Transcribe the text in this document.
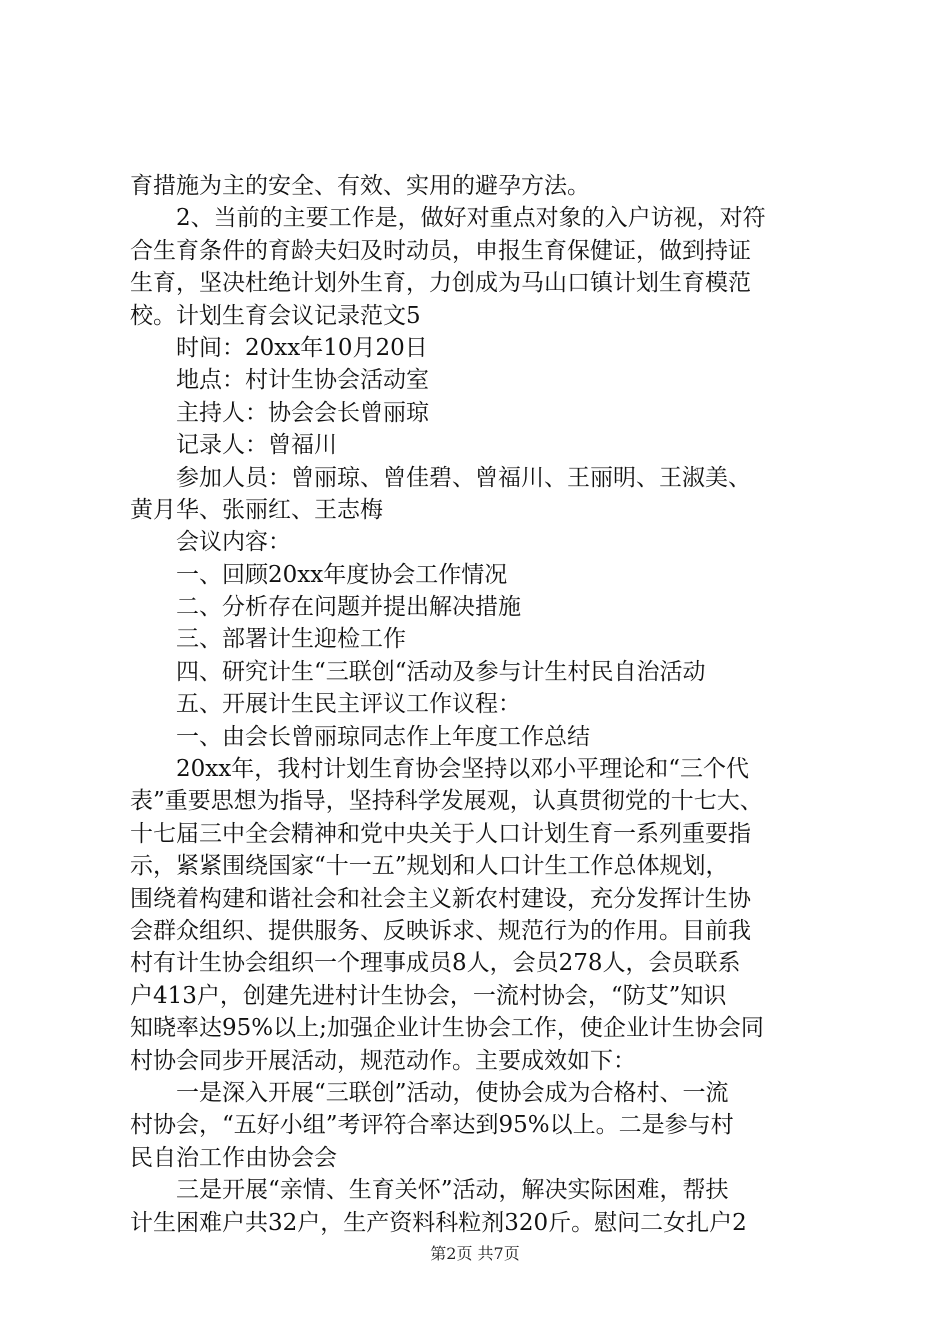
育措施为主的安全、有效、实用的避孕方法。
2、当前的主要工作是，做好对重点对象的入户访视，对符
合生育条件的育龄夫妇及时动员，申报生育保健证，做到持证
生育，坚决杜绝计划外生育，力创成为马山口镇计划生育模范
校。计划生育会议记录范文5
时间：20xx年10月20日
地点：村计生协会活动室
主持人：协会会长曾丽琼
记录人：曾福川
参加人员：曾丽琼、曾佳碧、曾福川、王丽明、王淑美、
黄月华、张丽红、王志梅
会议内容：
一、回顾20xx年度协会工作情况
二、分析存在问题并提出解决措施
三、部署计生迎检工作
四、研究计生“三联创“活动及参与计生村民自治活动
五、开展计生民主评议工作议程：
一、由会长曾丽琼同志作上年度工作总结
20xx年，我村计划生育协会坚持以邓小平理论和“三个代
表”重要思想为指导，坚持科学发展观，认真贯彻党的十七大、
十七届三中全会精神和党中央关于人口计划生育一系列重要指
示，紧紧围绕国家“十一五”规划和人口计生工作总体规划，
围绕着构建和谐社会和社会主义新农村建设，充分发挥计生协
会群众组织、提供服务、反映诉求、规范行为的作用。目前我
村有计生协会组织一个理事成员8人，会员278人，会员联系
户413户，创建先进村计生协会，一流村协会，“防艾”知识
知晓率达95%以上;加强企业计生协会工作，使企业计生协会同
村协会同步开展活动，规范动作。主要成效如下：
一是深入开展“三联创”活动，使协会成为合格村、一流
村协会，“五好小组”考评符合率达到95%以上。二是参与村
民自治工作由协会会
三是开展“亲情、生育关怀”活动，解决实际困难，帮扶
计生困难户共32户，生产资料科粒剂320斤。慰问二女扎户2
第2页 共7页
